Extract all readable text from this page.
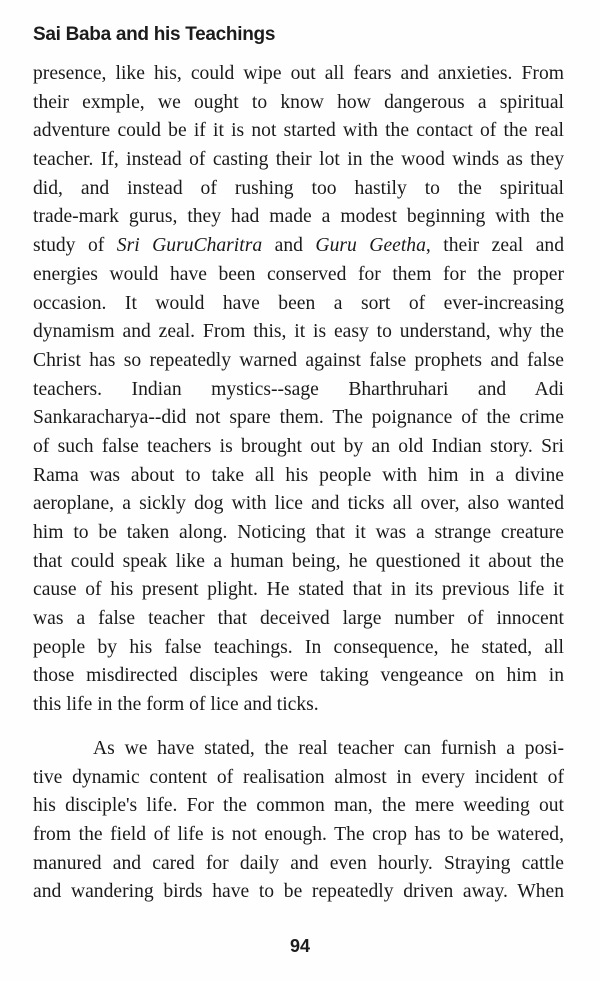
Sai Baba and his Teachings
presence, like his, could wipe out all fears and anxieties. From
their exmple, we ought to know how dangerous a spiritual
adventure could be if it is not started with the contact of the real
teacher. If, instead of casting their lot in the wood winds as they
did, and instead of rushing too hastily to the spiritual
trade-mark gurus, they had made a modest beginning with the
study of Sri GuruCharitra and Guru Geetha, their zeal and
energies would have been conserved for them for the proper
occasion. It would have been a sort of ever-increasing
dynamism and zeal. From this, it is easy to understand, why the
Christ has so repeatedly warned against false prophets and false
teachers. Indian mystics--sage Bharthruhari and Adi
Sankaracharya--did not spare them. The poignance of the crime
of such false teachers is brought out by an old Indian story. Sri
Rama was about to take all his people with him in a divine
aeroplane, a sickly dog with lice and ticks all over, also wanted
him to be taken along. Noticing that it was a strange creature
that could speak like a human being, he questioned it about the
cause of his present plight. He stated that in its previous life it
was a false teacher that deceived large number of innocent
people by his false teachings. In consequence, he stated, all
those misdirected disciples were taking vengeance on him in
this life in the form of lice and ticks.
As we have stated, the real teacher can furnish a posi-
tive dynamic content of realisation almost in every incident of
his disciple's life. For the common man, the mere weeding out
from the field of life is not enough. The crop has to be watered,
manured and cared for daily and even hourly. Straying cattle
and wandering birds have to be repeatedly driven away. When
94
